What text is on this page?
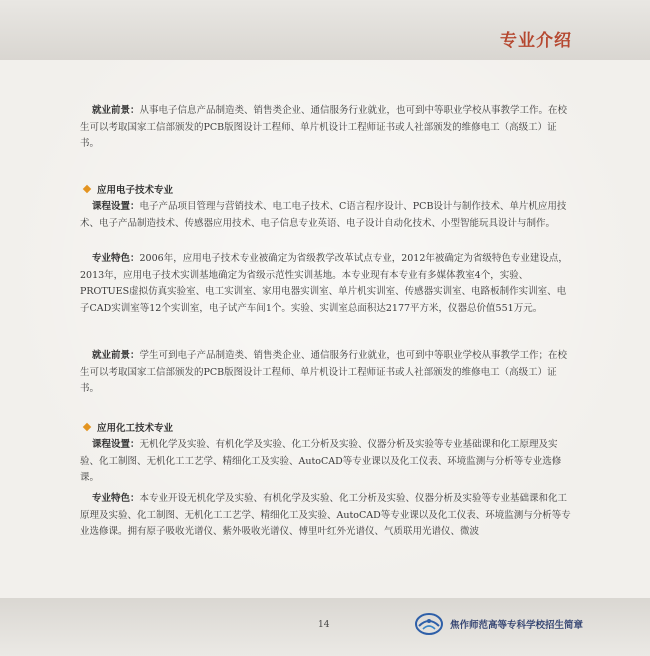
专业介绍

就业前景：从事电子信息产品制造类、销售类企业、通信服务行业就业，也可到中等职业学校从事教学工作。在校生可以考取国家工信部颁发的PCB版图设计工程师、单片机设计工程师证书或人社部颁发的维修电工（高级工）证书。

应用电子技术专业

课程设置：电子产品项目管理与营销技术、电工电子技术、C语言程序设计、PCB设计与制作技术、单片机应用技术、电子产品制造技术、传感器应用技术、电子信息专业英语、电子设计自动化技术、小型智能玩具设计与制作。

专业特色：2006年，应用电子技术专业被确定为省级教学改革试点专业，2012年被确定为省级特色专业建设点，2013年，应用电子技术实训基地确定为省级示范性实训基地。本专业现有本专业有多媒体教室4个，实验、PROTUES虚拟仿真实验室、电工实训室、家用电器实训室、单片机实训室、传感器实训室、电路板制作实训室、电子CAD实训室等12个实训室，电子试产车间1个。实验、实训室总面积达2177平方米，仪器总价值551万元。

就业前景：学生可到电子产品制造类、销售类企业、通信服务行业就业，也可到中等职业学校从事教学工作；在校生可以考取国家工信部颁发的PCB版图设计工程师、单片机设计工程师证书或人社部颁发的维修电工（高级工）证书。

应用化工技术专业

课程设置：无机化学及实验、有机化学及实验、化工分析及实验、仪器分析及实验等专业基础课和化工原理及实验、化工制图、无机化工工艺学、精细化工及实验、AutoCAD等专业课以及化工仪表、环境监测与分析等专业选修课。

专业特色：本专业开设无机化学及实验、有机化学及实验、化工分析及实验、仪器分析及实验等专业基础课和化工原理及实验、化工制图、无机化工工艺学、精细化工及实验、AutoCAD等专业课以及化工仪表、环境监测与分析等专业选修课。拥有原子吸收光谱仪、紫外吸收光谱仪、傅里叶红外光谱仪、气质联用光谱仪、微波

14	焦作师范高等专科学校招生简章
